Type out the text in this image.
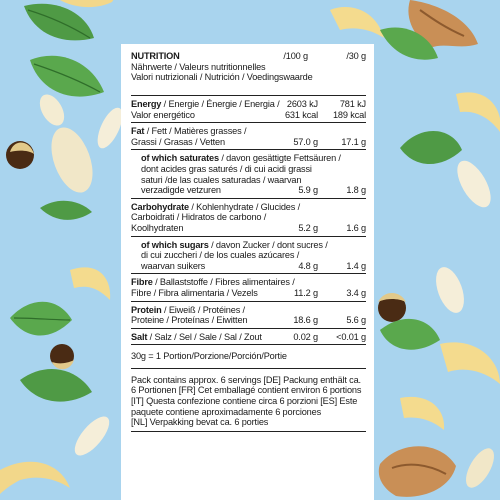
NUTRITION	/100 g	/30 g
Nährwerte / Valeurs nutritionnelles
Valori nutrizionali / Nutrición / Voedingswaarde
Energy / Energie / Énergie / Energia / 2603 kJ 781 kJ
Valor energético	631 kcal 189 kcal
Fat / Fett / Matières grasses /
Grassi / Grasas / Vetten	57.0 g	17.1 g
of which saturates / davon gesättigte Fettsäuren /
dont acides gras saturés / di cui acidi grassi
saturi /de las cuales saturadas / waarvan
verzadigde vetzuren	5.9 g	1.8 g
Carbohydrate / Kohlenhydrate / Glucides /
Carboidrati / Hidratos de carbono /
Koolhydraten	5.2 g	1.6 g
of which sugars / davon Zucker / dont sucres /
di cui zuccheri / de los cuales azúcares /
waarvan suikers	4.8 g	1.4 g
Fibre / Ballaststoffe / Fibres alimentaires /
Fibre / Fibra alimentaria / Vezels	11.2 g	3.4 g
Protein / Eiweiß / Protéines /
Proteine / Proteínas / Eiwitten	18.6 g	5.6 g
Salt / Salz / Sel / Sale / Sal / Zout	0.02 g <0.01 g
30g = 1 Portion/Porzione/Porción/Portie
Pack contains approx. 6 servings [DE] Packung enthält ca.
6 Portionen [FR] Cet emballagé contient environ 6 portions
[IT] Questa confezione contiene circa 6 porzioni [ES] Este
paquete contiene aproximadamente 6 porciones
[NL] Verpakking bevat ca. 6 porties
